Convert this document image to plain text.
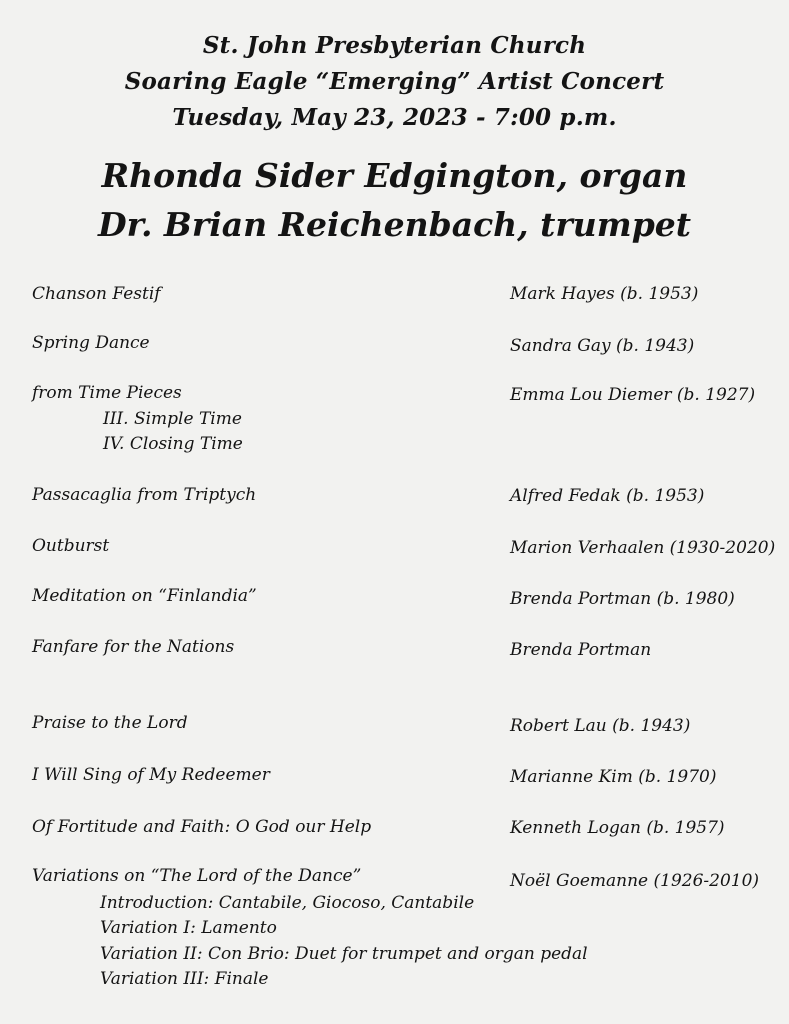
St. John Presbyterian Church
Soaring Eagle “Emerging” Artist Concert
Tuesday, May 23, 2023 - 7:00 p.m.
Rhonda Sider Edgington, organ
Dr. Brian Reichenbach, trumpet
Chanson Festif	Mark Hayes (b. 1953)
Spring Dance	Sandra Gay (b. 1943)
from Time Pieces	Emma Lou Diemer (b. 1927)
III. Simple Time
IV. Closing Time
Passacaglia from Triptych	Alfred Fedak (b. 1953)
Outburst	Marion Verhaalen (1930-2020)
Meditation on “Finlandia”	Brenda Portman (b. 1980)
Fanfare for the Nations	Brenda Portman
Praise to the Lord	Robert Lau (b. 1943)
I Will Sing of My Redeemer	Marianne Kim (b. 1970)
Of Fortitude and Faith: O God our Help	Kenneth Logan (b. 1957)
Variations on “The Lord of the Dance”	Noël Goemanne (1926-2010)
Introduction: Cantabile, Giocoso, Cantabile
Variation I: Lamento
Variation II: Con Brio: Duet for trumpet and organ pedal
Variation III: Finale
